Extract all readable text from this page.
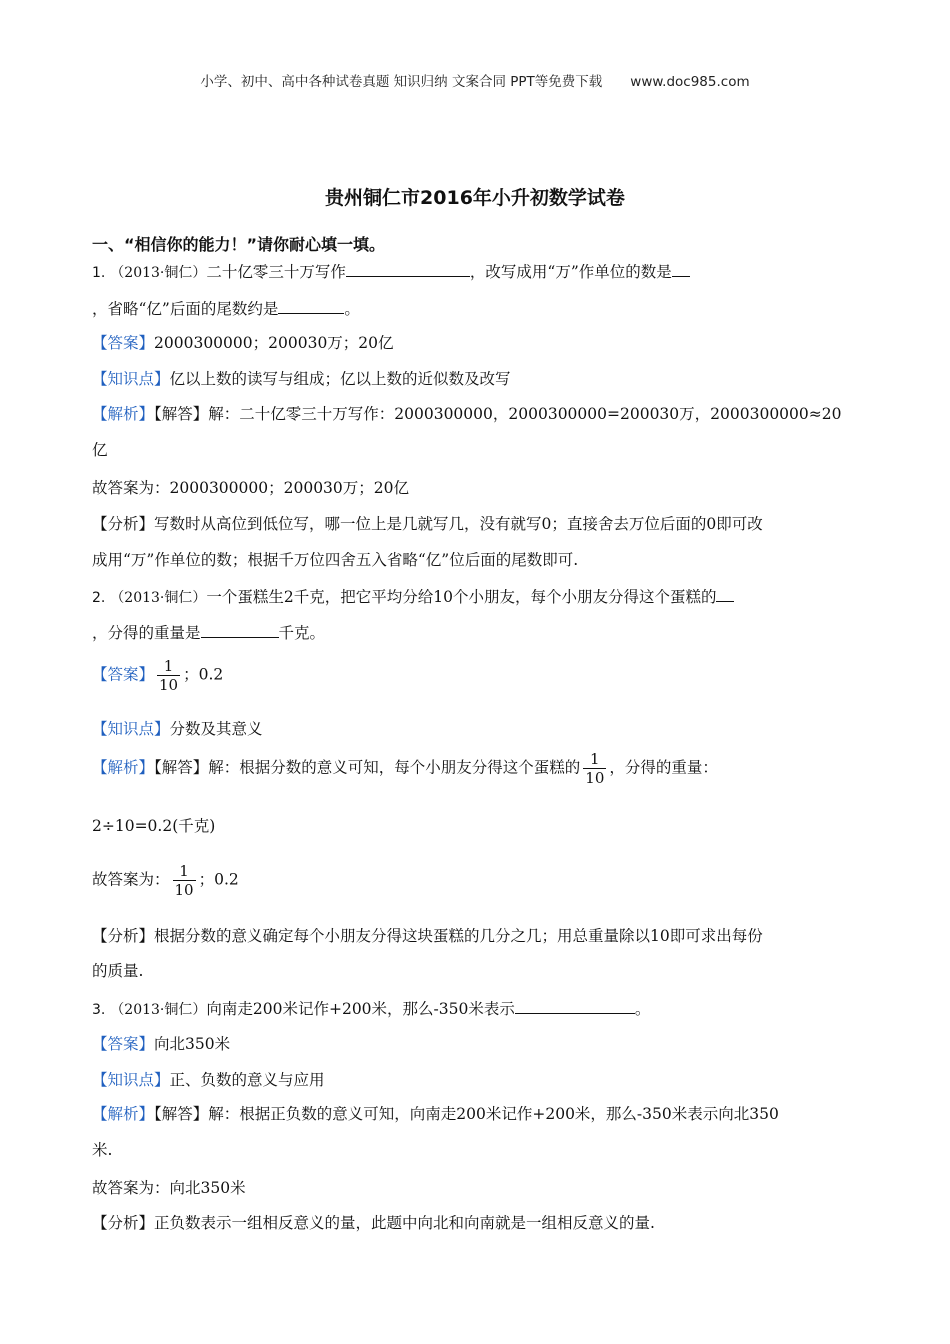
小学、初中、高中各种试卷真题 知识归纳 文案合同 PPT等免费下载 www.doc985.com
贵州铜仁市2016年小升初数学试卷
一、“相信你的能力！”请你耐心填一填。
1. （2013·铜仁）二十亿零三十万写作	，改写成用“万”作单位的数是
，省略“亿”后面的尾数约是	。
【答案】2000300000；200030万；20亿
【知识点】亿以上数的读写与组成；亿以上数的近似数及改写
【解析】【解答】解：二十亿零三十万写作：2000300000，2000300000=200030万，2000300000≈20
亿
故答案为：2000300000；200030万；20亿
【分析】写数时从高位到低位写，哪一位上是几就写几，没有就写0；直接舍去万位后面的0即可改
成用“万”作单位的数；根据千万位四舍五入省略“亿”位后面的尾数即可.
2. （2013·铜仁）一个蛋糕生2千克，把它平均分给10个小朋友，每个小朋友分得这个蛋糕的
，分得的重量是	千克。
【答案】 $\frac{1}{10}$ ；0.2
【知识点】分数及其意义
【解析】【解答】解：根据分数的意义可知，每个小朋友分得这个蛋糕的 $\frac{1}{10}$ ，分得的重量：
2÷10=0.2(千克)
故答案为： $\frac{1}{10}$ ；0.2
【分析】根据分数的意义确定每个小朋友分得这块蛋糕的几分之几；用总重量除以10即可求出每份
的质量.
3. （2013·铜仁）向南走200米记作+200米，那么-350米表示	。
【答案】向北350米
【知识点】正、负数的意义与应用
【解析】【解答】解：根据正负数的意义可知，向南走200米记作+200米，那么-350米表示向北350
米.
故答案为：向北350米
【分析】正负数表示一组相反意义的量，此题中向北和向南就是一组相反意义的量.
